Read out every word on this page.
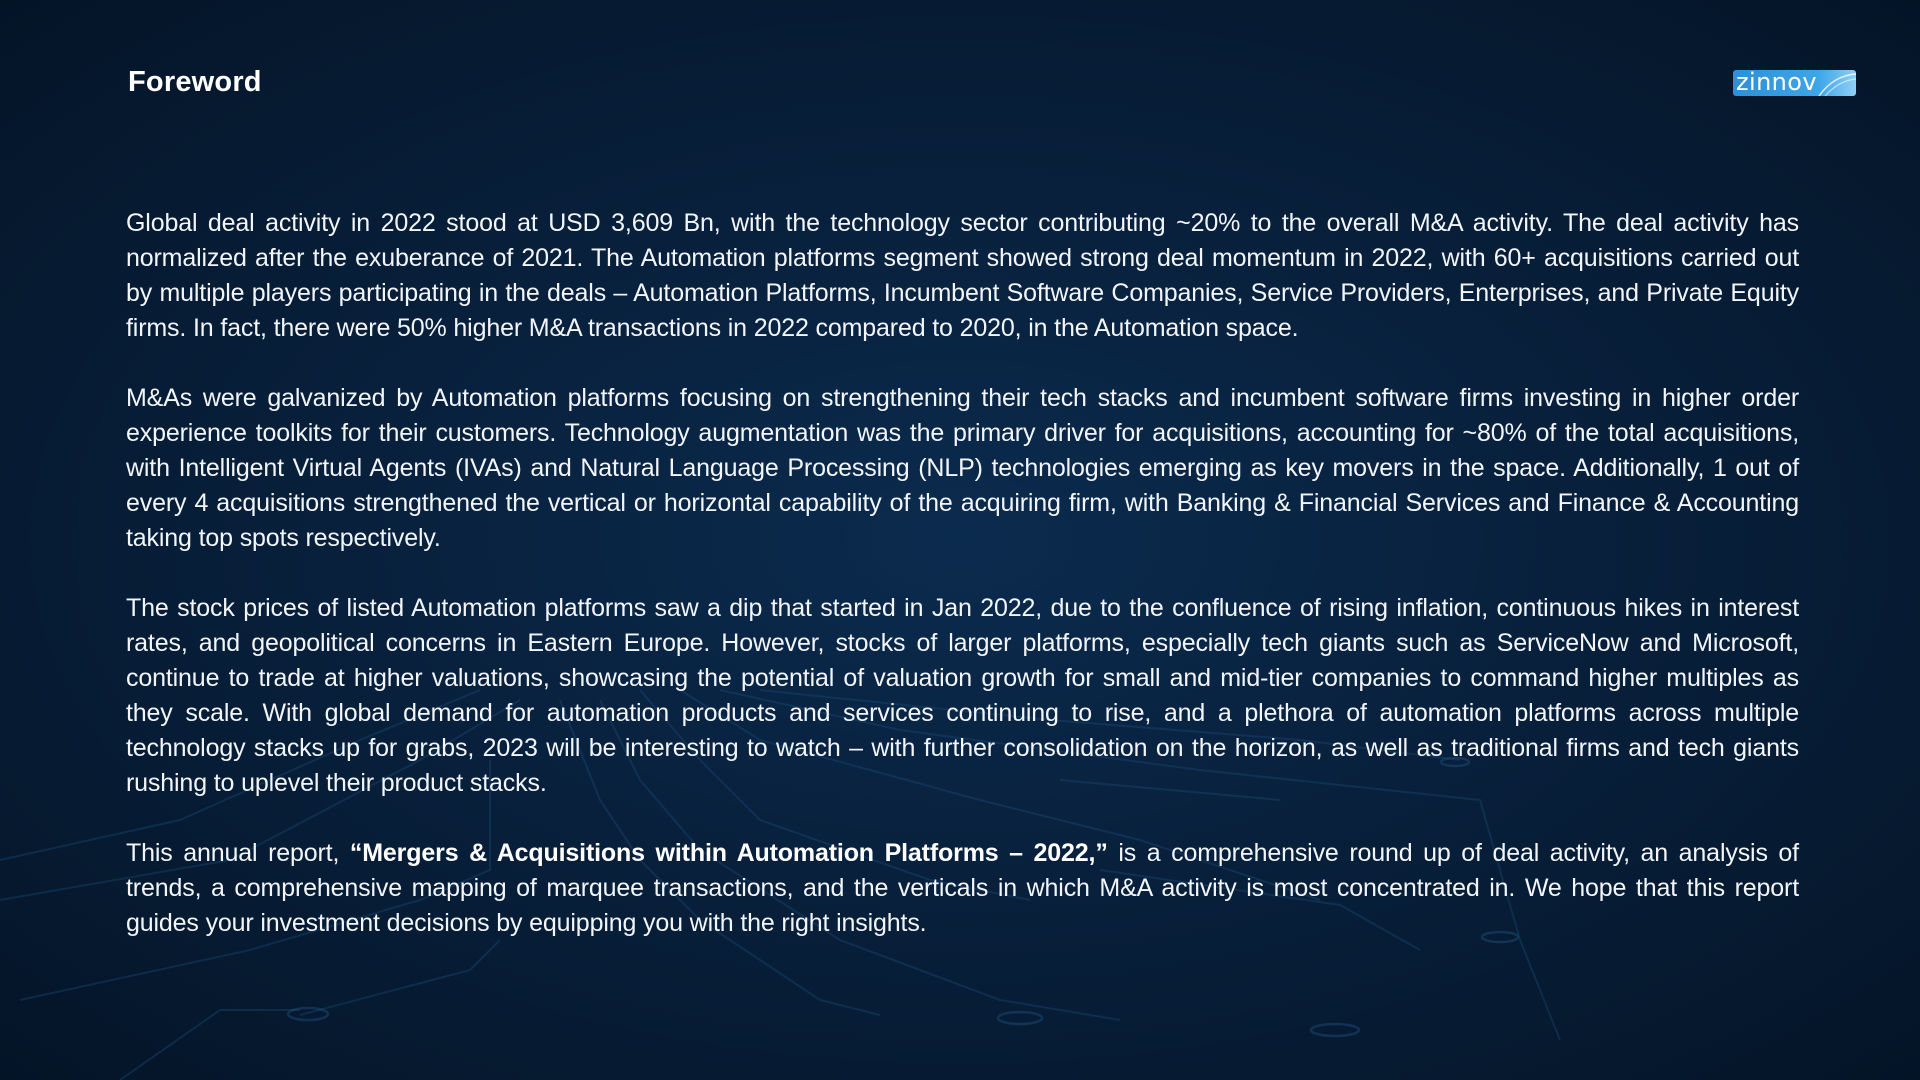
Foreword	zinnov

Global deal activity in 2022 stood at USD 3,609 Bn, with the technology sector contributing ~20% to the overall M&A activity. The deal activity has normalized after the exuberance of 2021. The Automation platforms segment showed strong deal momentum in 2022, with 60+ acquisitions carried out by multiple players participating in the deals – Automation Platforms, Incumbent Software Companies, Service Providers, Enterprises, and Private Equity firms. In fact, there were 50% higher M&A transactions in 2022 compared to 2020, in the Automation space.

M&As were galvanized by Automation platforms focusing on strengthening their tech stacks and incumbent software firms investing in higher order experience toolkits for their customers. Technology augmentation was the primary driver for acquisitions, accounting for ~80% of the total acquisitions, with Intelligent Virtual Agents (IVAs) and Natural Language Processing (NLP) technologies emerging as key movers in the space. Additionally, 1 out of every 4 acquisitions strengthened the vertical or horizontal capability of the acquiring firm, with Banking & Financial Services and Finance & Accounting taking top spots respectively.

The stock prices of listed Automation platforms saw a dip that started in Jan 2022, due to the confluence of rising inflation, continuous hikes in interest rates, and geopolitical concerns in Eastern Europe. However, stocks of larger platforms, especially tech giants such as ServiceNow and Microsoft, continue to trade at higher valuations, showcasing the potential of valuation growth for small and mid-tier companies to command higher multiples as they scale. With global demand for automation products and services continuing to rise, and a plethora of automation platforms across multiple technology stacks up for grabs, 2023 will be interesting to watch – with further consolidation on the horizon, as well as traditional firms and tech giants rushing to uplevel their product stacks.

This annual report, “Mergers & Acquisitions within Automation Platforms – 2022,” is a comprehensive round up of deal activity, an analysis of trends, a comprehensive mapping of marquee transactions, and the verticals in which M&A activity is most concentrated in. We hope that this report guides your investment decisions by equipping you with the right insights.
